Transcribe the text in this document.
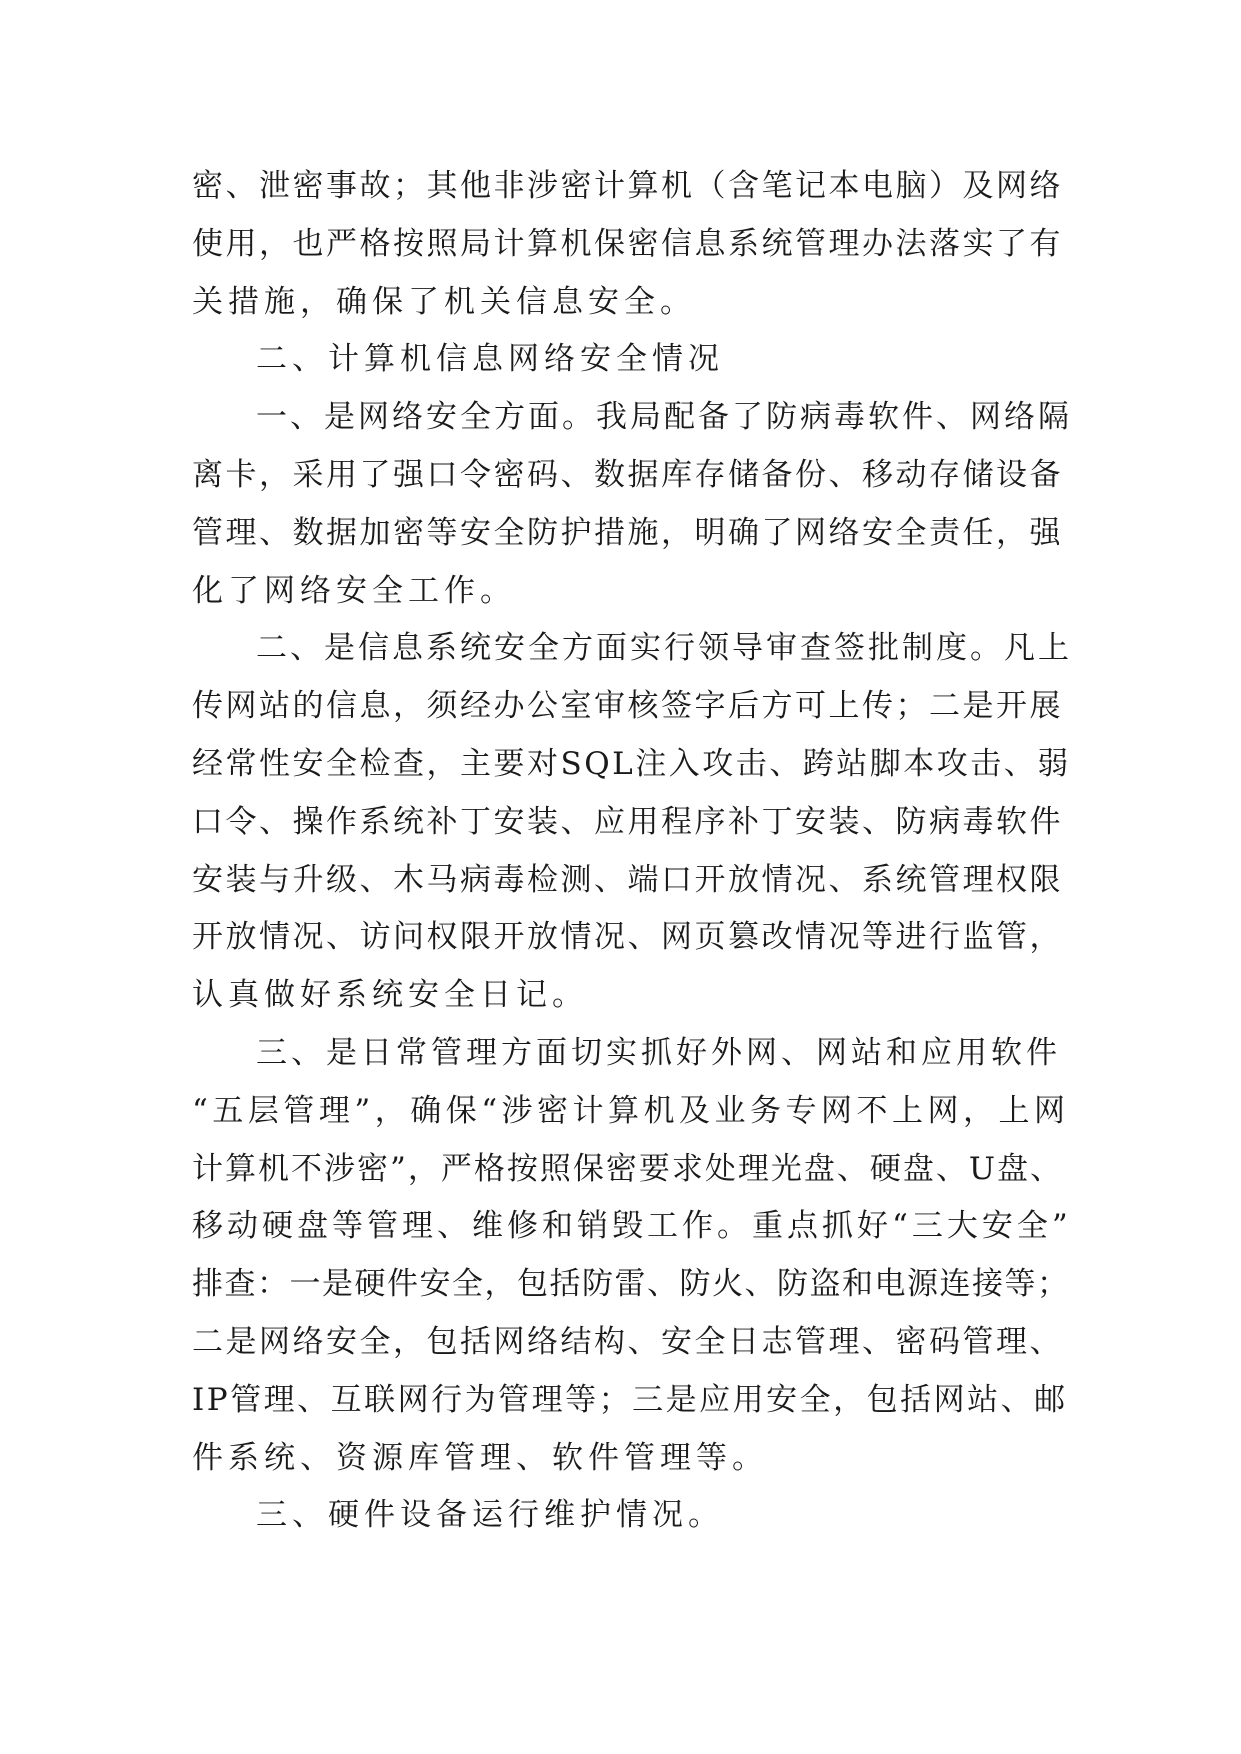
密、泄密事故；其他非涉密计算机（含笔记本电脑）及网络
使用，也严格按照局计算机保密信息系统管理办法落实了有
关措施，确保了机关信息安全。
二、计算机信息网络安全情况
一、是网络安全方面。我局配备了防病毒软件、网络隔
离卡，采用了强口令密码、数据库存储备份、移动存储设备
管理、数据加密等安全防护措施，明确了网络安全责任，强
化了网络安全工作。
二、是信息系统安全方面实行领导审查签批制度。凡上
传网站的信息，须经办公室审核签字后方可上传；二是开展
经常性安全检查，主要对SQL注入攻击、跨站脚本攻击、弱
口令、操作系统补丁安装、应用程序补丁安装、防病毒软件
安装与升级、木马病毒检测、端口开放情况、系统管理权限
开放情况、访问权限开放情况、网页篡改情况等进行监管，
认真做好系统安全日记。
三、是日常管理方面切实抓好外网、网站和应用软件
“五层管理”，确保“涉密计算机及业务专网不上网，上网
计算机不涉密”，严格按照保密要求处理光盘、硬盘、U盘、
移动硬盘等管理、维修和销毁工作。重点抓好“三大安全”
排查：一是硬件安全，包括防雷、防火、防盗和电源连接等；
二是网络安全，包括网络结构、安全日志管理、密码管理、
IP管理、互联网行为管理等；三是应用安全，包括网站、邮
件系统、资源库管理、软件管理等。
三、硬件设备运行维护情况。
